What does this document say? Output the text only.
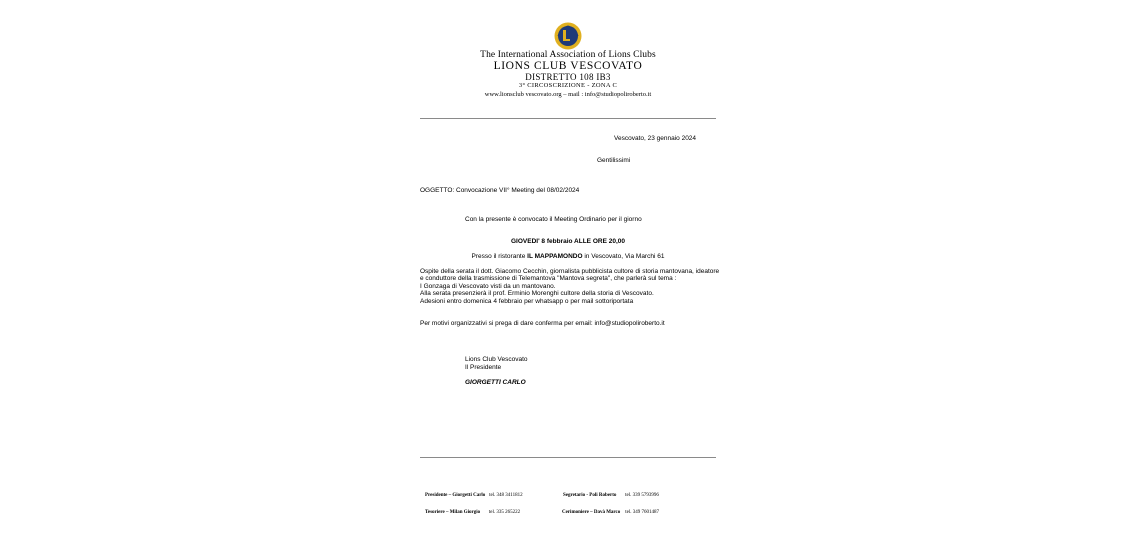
The International Association of Lions Clubs
LIONS CLUB VESCOVATO
DISTRETTO 108 IB3
3° CIRCOSCRIZIONE - ZONA C
www.lionsclub vescovato.org – mail : info@studiopoliroberto.it
Vescovato, 23 gennaio 2024
Gentilissimi
OGGETTO: Convocazione VII° Meeting del 08/02/2024
Con la presente è convocato il Meeting Ordinario per il giorno
GIOVEDI' 8 febbraio ALLE ORE 20,00
Presso il ristorante IL MAPPAMONDO in Vescovato, Via Marchi 61
Ospite della serata il dott. Giacomo Cecchin, giornalista pubblicista cultore di storia mantovana, ideatore
e conduttore della trasmissione di Telemantova "Mantova segreta", che parlerà sul tema :
I Gonzaga di Vescovato visti da un mantovano.
Alla serata presenzierà il prof. Erminio Morenghi cultore della storia di Vescovato.
Adesioni entro domenica 4 febbraio per whatsapp o per mail sottoriportata
Per motivi organizzativi si prega di dare conferma per email: info@studiopoliroberto.it
Lions Club Vescovato
Il Presidente
GIORGETTI CARLO
Presidente – Giorgetti Carlo tel. 348 3411812	Segretario - Poli Roberto tel. 339 5793996
Tesoriere – Milan Giorgio tel. 335 265222	Cerimoniere – Davà Marco tel. 349 7601487
